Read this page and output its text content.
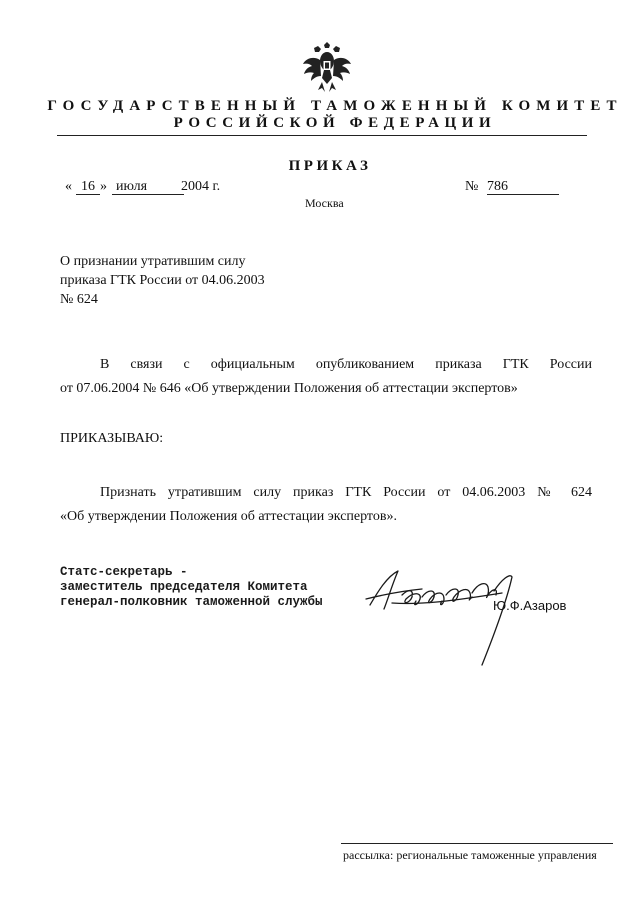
ГОСУДАРСТВЕННЫЙ ТАМОЖЕННЫЙ КОМИТЕТ
РОССИЙСКОЙ ФЕДЕРАЦИИ
ПРИКАЗ
« 16 » июля	2004 г.	№ 786
Москва
О признании утратившим силу
приказа ГТК России от 04.06.2003
№ 624
В связи с официальным опубликованием приказа ГТК России
от 07.06.2004 № 646 «Об утверждении Положения об аттестации экспертов»
ПРИКАЗЫВАЮ:
Признать утратившим силу приказ ГТК России от 04.06.2003 № 624
«Об утверждении Положения об аттестации экспертов».
Статс-секретарь -
заместитель председателя Комитета
генерал-полковник таможенной службы	Ю.Ф.Азаров
рассылка: региональные таможенные управления
